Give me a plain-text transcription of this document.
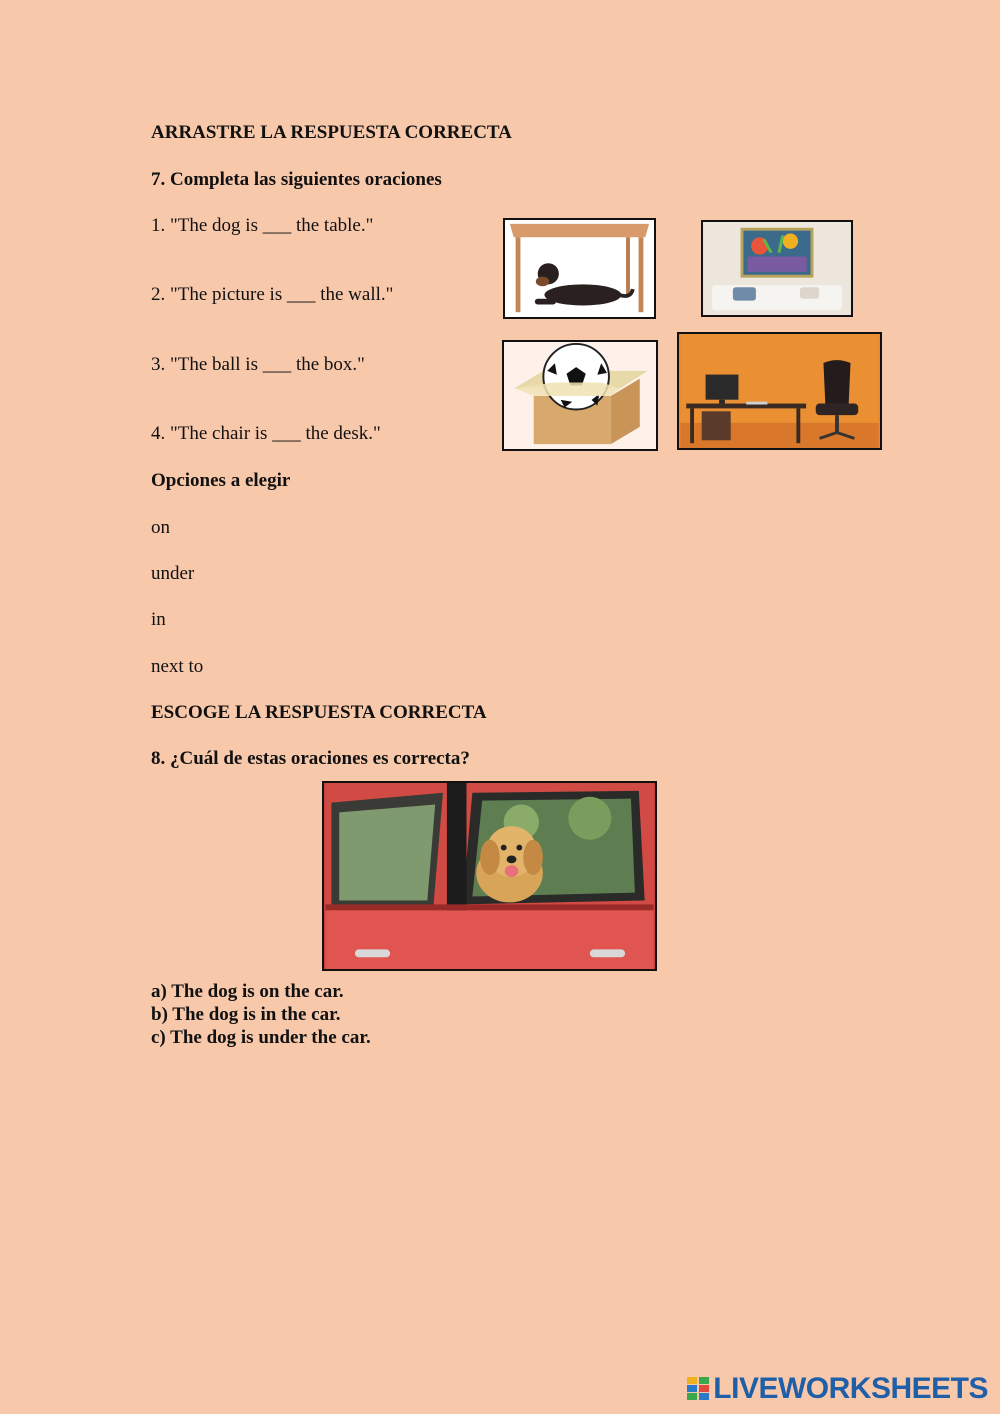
ARRASTRE LA RESPUESTA CORRECTA
7. Completa las siguientes oraciones
1. "The dog is ___ the table."
2. "The picture is ___ the wall."
3. "The ball is ___ the box."
4. "The chair is ___ the desk."
Opciones a elegir
on
under
in
next to
ESCOGE LA RESPUESTA CORRECTA
8. ¿Cuál de estas oraciones es correcta?
a) The dog is on the car.
b) The dog is in the car.
c) The dog is under the car.
LIVEWORKSHEETS
